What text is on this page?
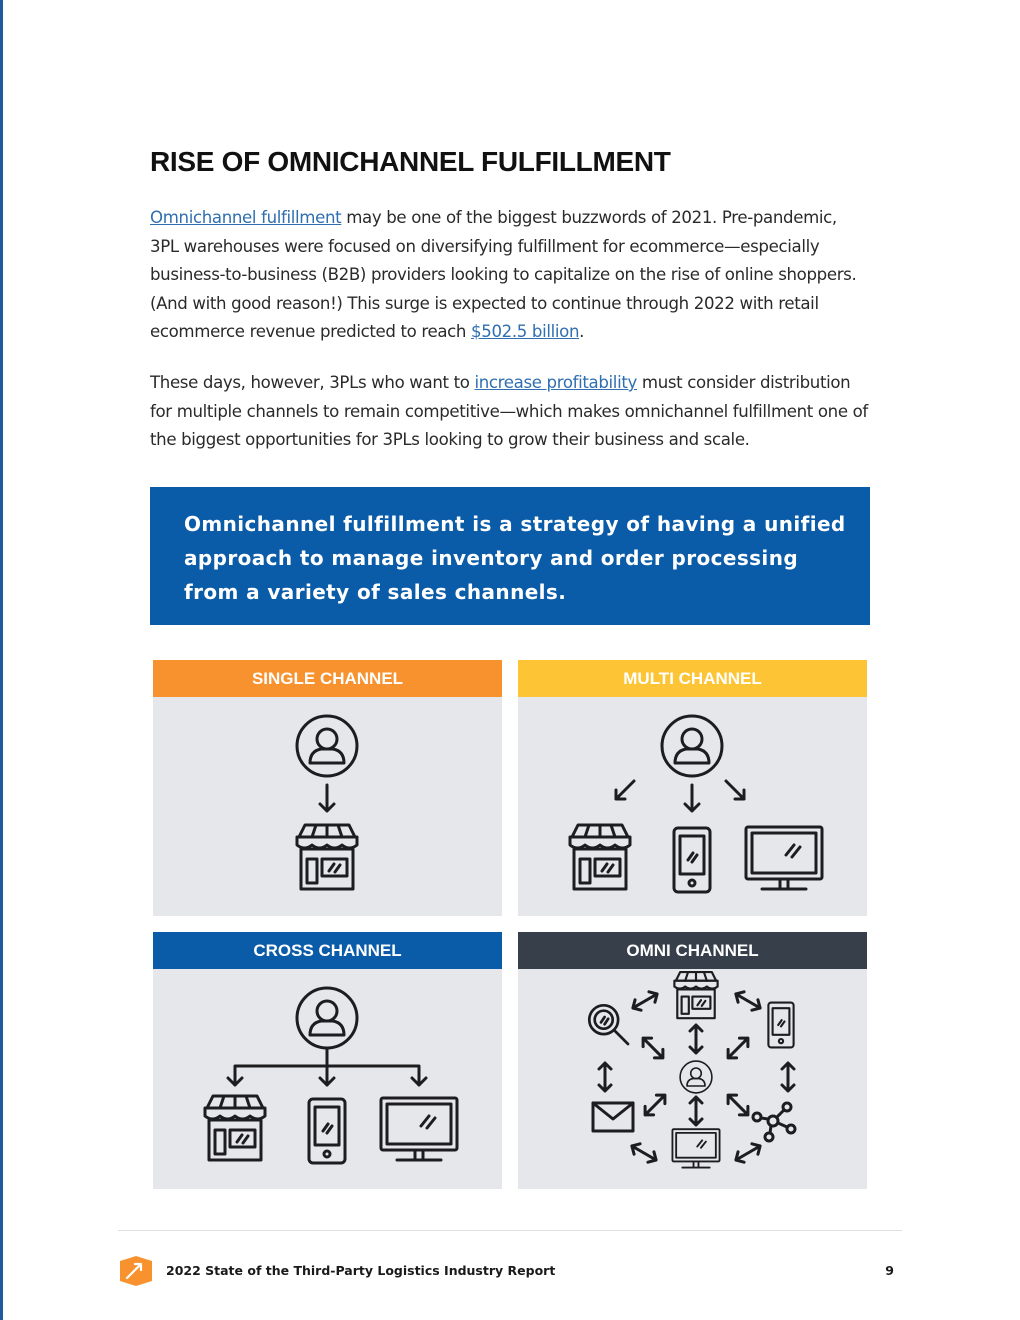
RISE OF OMNICHANNEL FULFILLMENT

Omnichannel fulfillment may be one of the biggest buzzwords of 2021. Pre-pandemic, 3PL warehouses were focused on diversifying fulfillment for ecommerce—especially business-to-business (B2B) providers looking to capitalize on the rise of online shoppers. (And with good reason!) This surge is expected to continue through 2022 with retail ecommerce revenue predicted to reach $502.5 billion.

These days, however, 3PLs who want to increase profitability must consider distribution for multiple channels to remain competitive—which makes omnichannel fulfillment one of the biggest opportunities for 3PLs looking to grow their business and scale.

Omnichannel fulfillment is a strategy of having a unified approach to manage inventory and order processing from a variety of sales channels.

SINGLE CHANNEL	MULTI CHANNEL
CROSS CHANNEL	OMNI CHANNEL
2022 State of the Third-Party Logistics Industry Report	9
